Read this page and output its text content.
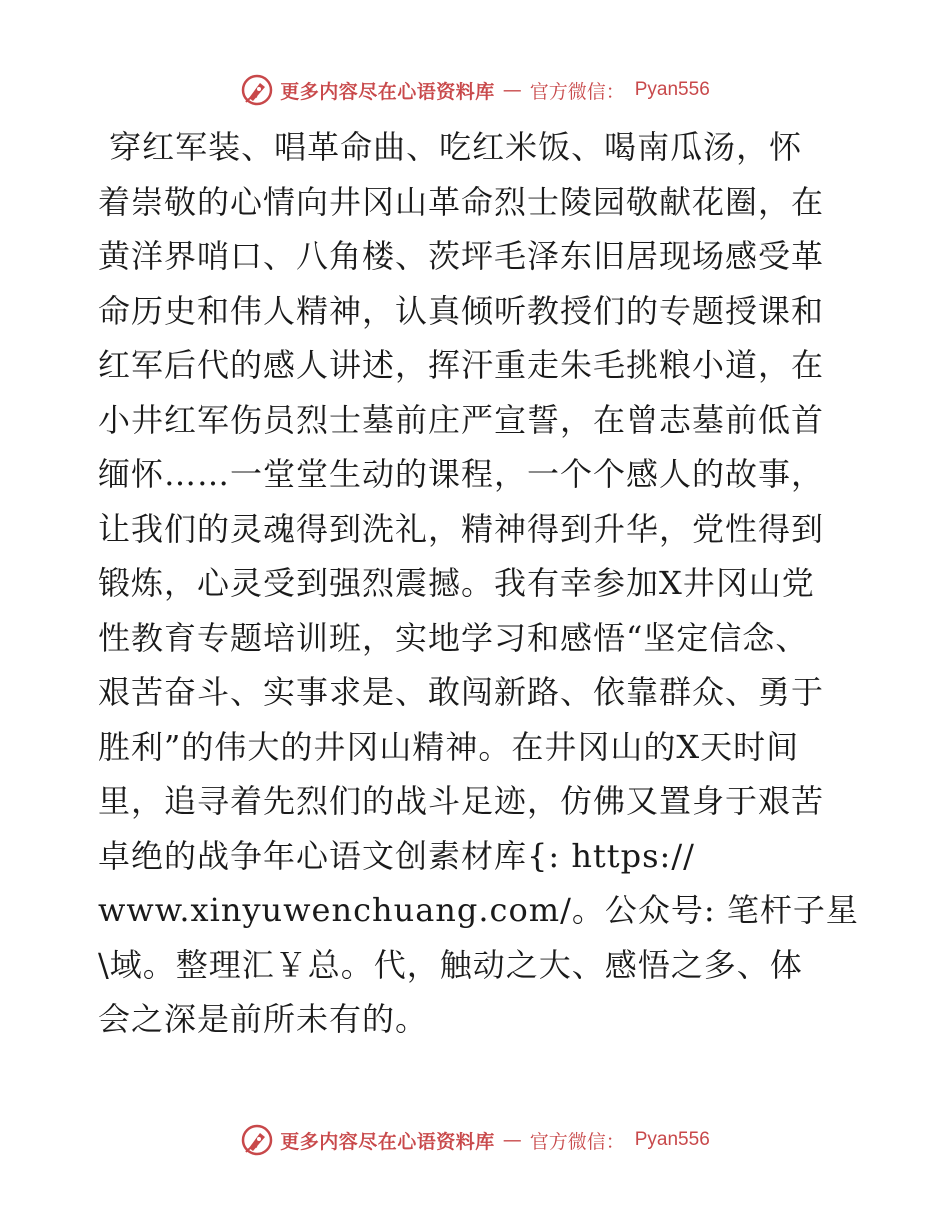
更多内容尽在心语资料库 — 官方微信： Pyan556
穿红军装、唱革命曲、吃红米饭、喝南瓜汤，怀
着崇敬的心情向井冈山革命烈士陵园敬献花圈，在
黄洋界哨口、八角楼、茨坪毛泽东旧居现场感受革
命历史和伟人精神，认真倾听教授们的专题授课和
红军后代的感人讲述，挥汗重走朱毛挑粮小道，在
小井红军伤员烈士墓前庄严宣誓，在曾志墓前低首
缅怀……一堂堂生动的课程，一个个感人的故事，
让我们的灵魂得到洗礼，精神得到升华，党性得到
锻炼，心灵受到强烈震撼。我有幸参加X井冈山党
性教育专题培训班，实地学习和感悟“坚定信念、
艰苦奋斗、实事求是、敢闯新路、依靠群众、勇于
胜利”的伟大的井冈山精神。在井冈山的X天时间
里，追寻着先烈们的战斗足迹，仿佛又置身于艰苦
卓绝的战争年心语文创素材库{: https://
www.xinyuwenchuang.com/。公众号: 笔杆子星
\域。整理汇￥总。代，触动之大、感悟之多、体
会之深是前所未有的。
更多内容尽在心语资料库 — 官方微信： Pyan556
